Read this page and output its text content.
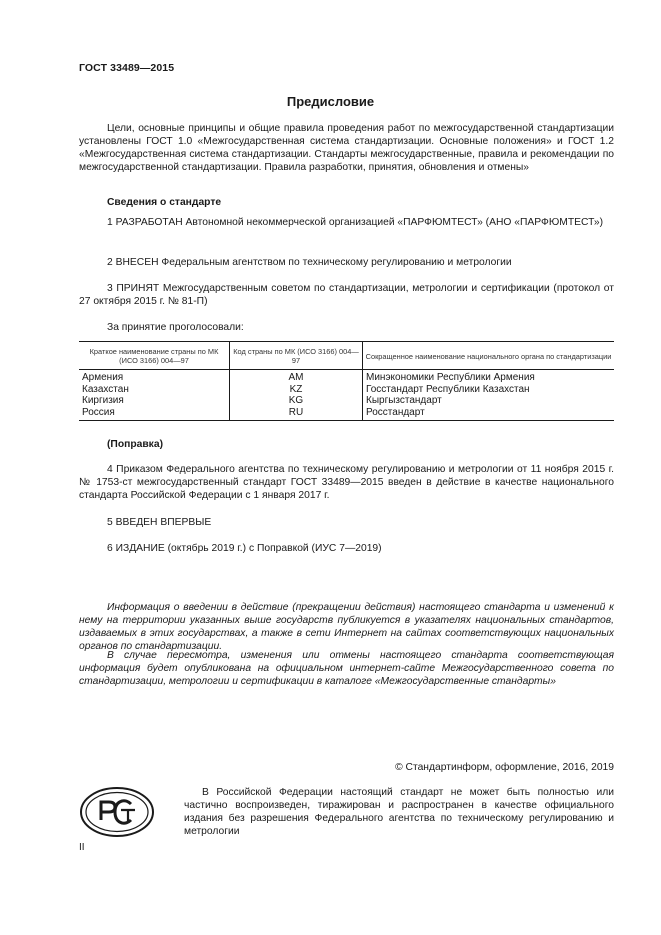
ГОСТ 33489—2015
Предисловие
Цели, основные принципы и общие правила проведения работ по межгосударственной стандартизации установлены ГОСТ 1.0 «Межгосударственная система стандартизации. Основные положения» и ГОСТ 1.2 «Межгосударственная система стандартизации. Стандарты межгосударственные, правила и рекомендации по межгосударственной стандартизации. Правила разработки, принятия, обновления и отмены»
Сведения о стандарте
1 РАЗРАБОТАН Автономной некоммерческой организацией «ПАРФЮМТЕСТ» (АНО «ПАРФЮМТЕСТ»)
2 ВНЕСЕН Федеральным агентством по техническому регулированию и метрологии
3 ПРИНЯТ Межгосударственным советом по стандартизации, метрологии и сертификации (протокол от 27 октября 2015 г. № 81-П)
За принятие проголосовали:
Краткое наименование страны по МК (ИСО 3166) 004—97	Код страны по МК (ИСО 3166) 004—97	Сокращенное наименование национального органа по стандартизации
Армения	AM	Минэкономики Республики Армения
Казахстан	KZ	Госстандарт Республики Казахстан
Киргизия	KG	Кыргызстандарт
Россия	RU	Росстандарт
(Поправка)
4 Приказом Федерального агентства по техническому регулированию и метрологии от 11 ноября 2015 г. № 1753-ст межгосударственный стандарт ГОСТ 33489—2015 введен в действие в качестве национального стандарта Российской Федерации с 1 января 2017 г.
5 ВВЕДЕН ВПЕРВЫЕ
6 ИЗДАНИЕ (октябрь 2019 г.) с Поправкой (ИУС 7—2019)
Информация о введении в действие (прекращении действия) настоящего стандарта и изменений к нему на территории указанных выше государств публикуется в указателях национальных стандартов, издаваемых в этих государствах, а также в сети Интернет на сайтах соответствующих национальных органов по стандартизации.
В случае пересмотра, изменения или отмены настоящего стандарта соответствующая информация будет опубликована на официальном интернет-сайте Межгосударственного совета по стандартизации, метрологии и сертификации в каталоге «Межгосударственные стандарты»
© Стандартинформ, оформление, 2016, 2019
В Российской Федерации настоящий стандарт не может быть полностью или частично воспроизведен, тиражирован и распространен в качестве официального издания без разрешения Федерального агентства по техническому регулированию и метрологии
II
